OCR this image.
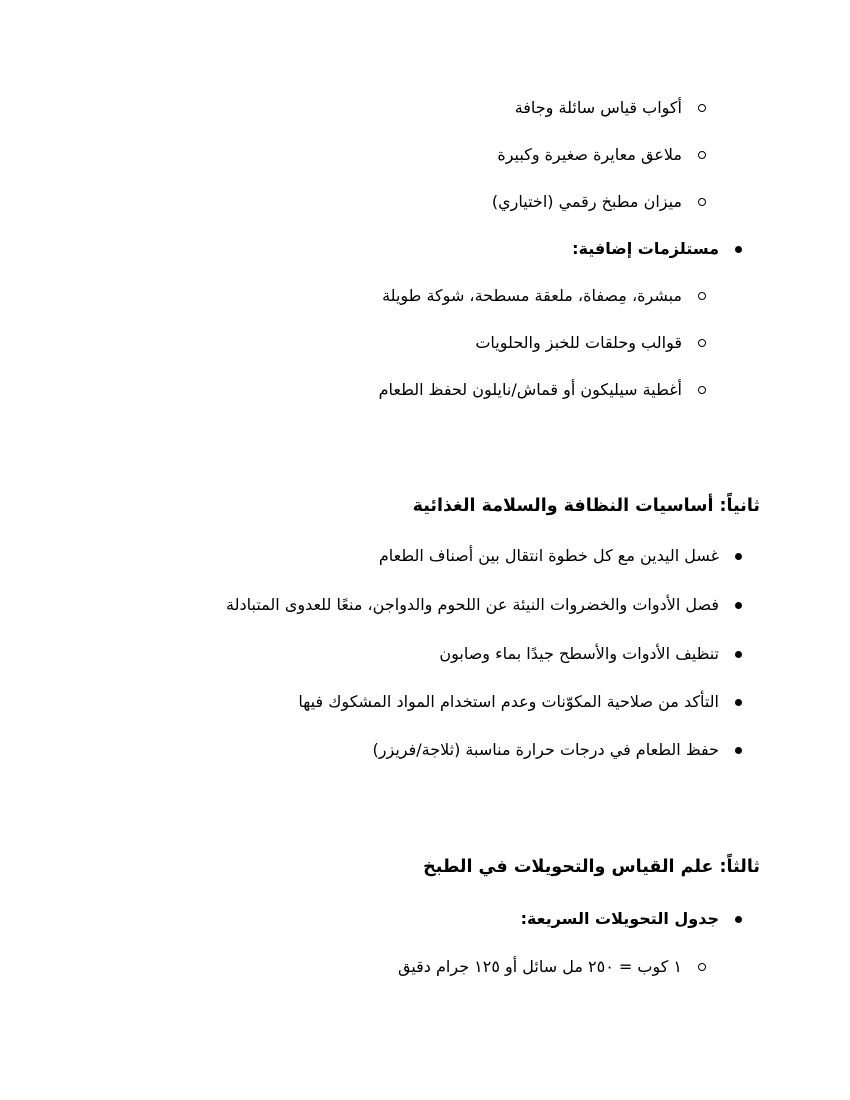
أكواب قياس سائلة وجافة
ملاعق معايرة صغيرة وكبيرة
ميزان مطبخ رقمي (اختياري)
مستلزمات إضافية:
مبشرة، مِصفاة، ملعقة مسطحة، شوكة طويلة
قوالب وحلقات للخبز والحلويات
أغطية سيليكون أو قماش/نايلون لحفظ الطعام
ثانياً: أساسيات النظافة والسلامة الغذائية
غسل اليدين مع كل خطوة انتقال بين أصناف الطعام
فصل الأدوات والخضروات النيئة عن اللحوم والدواجن، منعًا للعدوى المتبادلة
تنظيف الأدوات والأسطح جيدًا بماء وصابون
التأكد من صلاحية المكوّنات وعدم استخدام المواد المشكوك فيها
حفظ الطعام في درجات حرارة مناسبة (ثلاجة/فريزر)
ثالثاً: علم القياس والتحويلات في الطبخ
جدول التحويلات السريعة:
١ كوب = ٢٥٠ مل سائل أو ١٢٥ جرام دقيق
